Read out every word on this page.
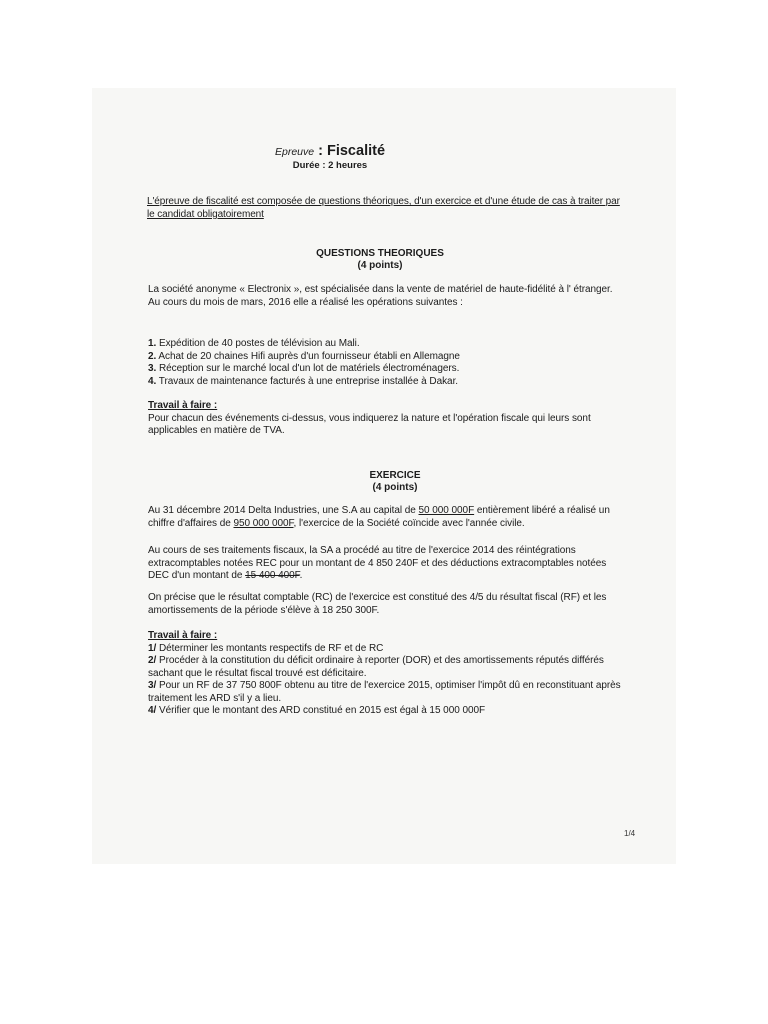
Epreuve : Fiscalité
Durée : 2 heures

L'épreuve de fiscalité est composée de questions théoriques, d'un exercice et d'une étude de cas à traiter par le candidat obligatoirement

QUESTIONS THEORIQUES
(4 points)

La société anonyme « Electronix », est spécialisée dans la vente de matériel de haute-fidélité à l' étranger.

Au cours du mois de mars, 2016 elle a réalisé les opérations suivantes :

1. Expédition de 40 postes de télévision au Mali.
2. Achat de 20 chaines Hifi auprès d'un fournisseur établi en Allemagne
3. Réception sur le marché local d'un lot de matériels électroménagers.
4. Travaux de maintenance facturés à une entreprise installée à Dakar.

Travail à faire :

Pour chacun des événements ci-dessus, vous indiquerez la nature et l'opération fiscale qui leurs sont applicables en matière de TVA.

EXERCICE
(4 points)
Au 31 décembre 2014 Delta Industries, une S.A au capital de 50 000 000F entièrement libéré a réalisé un chiffre d'affaires de 950 000 000F, l'exercice de la Société coïncide avec l'année civile.
Au cours de ses traitements fiscaux, la SA a procédé au titre de l'exercice 2014 des réintégrations extracomptables notées REC pour un montant de 4 850 240F et des déductions extracomptables notées DEC d'un montant de 15 400 400F.
On précise que le résultat comptable (RC) de l'exercice est constitué des 4/5 du résultat fiscal (RF) et les amortissements de la période s'élève à 18 250 300F.

Travail à faire :

1/ Déterminer les montants respectifs de RF et de RC

2/ Procéder à la constitution du déficit ordinaire à reporter (DOR) et des amortissements réputés différés sachant que le résultat fiscal trouvé est déficitaire.

3/ Pour un RF de 37 750 800F obtenu au titre de l'exercice 2015, optimiser l'impôt dû en reconstituant après traitement les ARD s'il y a lieu.

4/ Vérifier que le montant des ARD constitué en 2015 est égal à 15 000 000F

1/4
